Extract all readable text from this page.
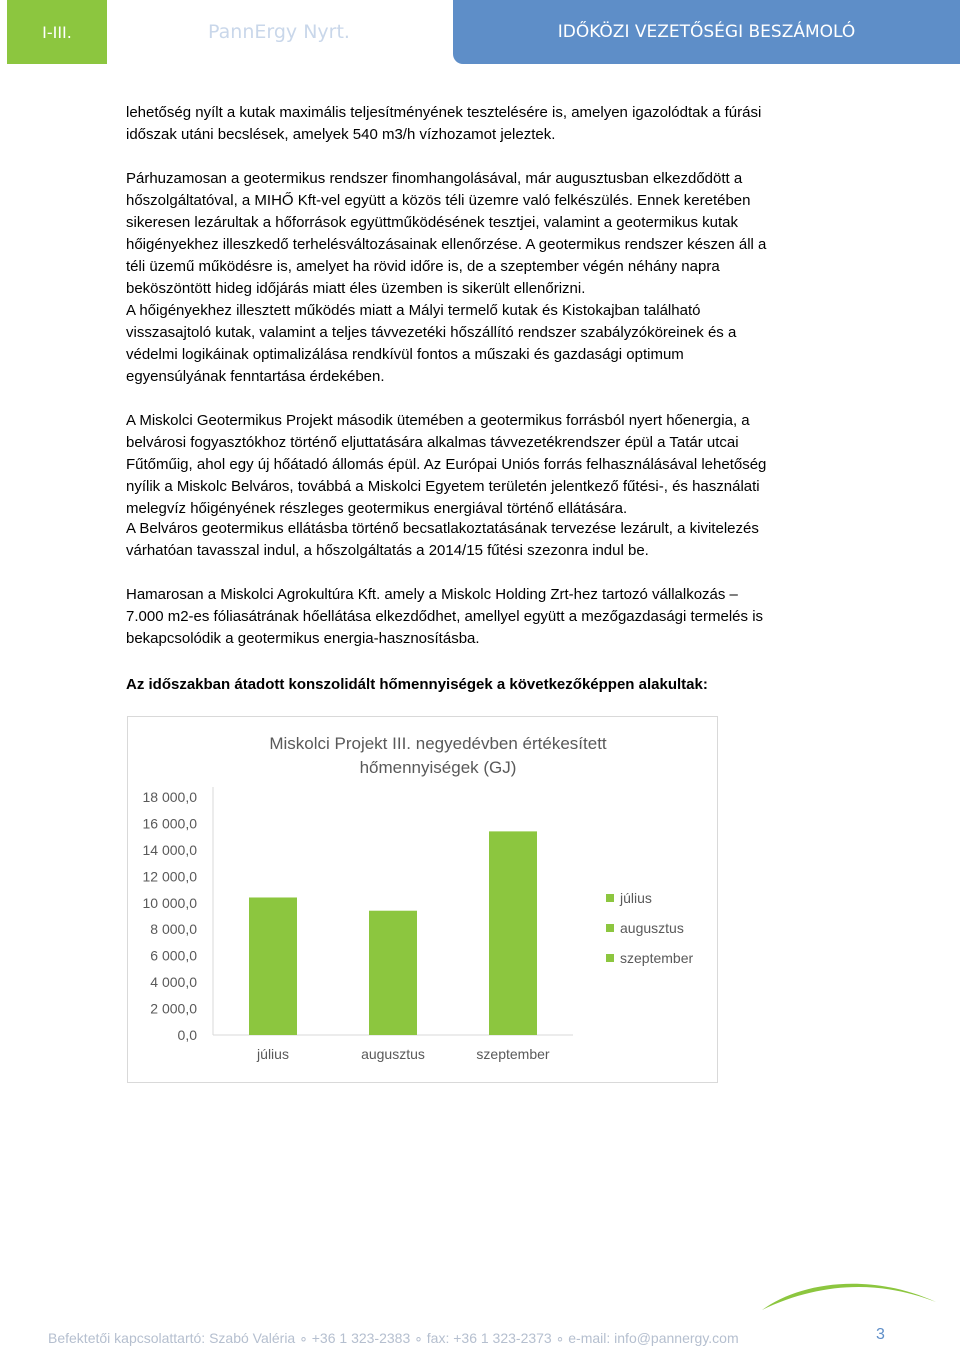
I-III.	PannErgy Nyrt.	IDŐKÖZI VEZETŐSÉGI BESZÁMOLÓ
lehetőség nyílt a kutak maximális teljesítményének tesztelésére is, amelyen igazolódtak a fúrási
időszak utáni becslések, amelyek 540 m3/h vízhozamot jeleztek.
Párhuzamosan a geotermikus rendszer finomhangolásával, már augusztusban elkezdődött a
hőszolgáltatóval, a MIHŐ Kft-vel együtt a közös téli üzemre való felkészülés. Ennek keretében
sikeresen lezárultak a hőforrások együttműködésének tesztjei, valamint a geotermikus kutak
hőigényekhez illeszkedő terhelésváltozásainak ellenőrzése. A geotermikus rendszer készen áll a
téli üzemű működésre is, amelyet ha rövid időre is, de a szeptember végén néhány napra
beköszöntött hideg időjárás miatt éles üzemben is sikerült ellenőrizni.
A hőigényekhez illesztett működés miatt a Mályi termelő kutak és Kistokajban található
visszasajtoló kutak, valamint a teljes távvezetéki hőszállító rendszer szabályzóköreinek és a
védelmi logikáinak optimalizálása rendkívül fontos a műszaki és gazdasági optimum
egyensúlyának fenntartása érdekében.
A Miskolci Geotermikus Projekt második ütemében a geotermikus forrásból nyert hőenergia, a
belvárosi fogyasztókhoz történő eljuttatására alkalmas távvezetékrendszer épül a Tatár utcai
Fűtőműig, ahol egy új hőátadó állomás épül. Az Európai Uniós forrás felhasználásával lehetőség
nyílik a Miskolc Belváros, továbbá a Miskolci Egyetem területén jelentkező fűtési-, és használati
melegvíz hőigényének részleges geotermikus energiával történő ellátására.
A Belváros geotermikus ellátásba történő becsatlakoztatásának tervezése lezárult, a kivitelezés
várhatóan tavasszal indul, a hőszolgáltatás a 2014/15 fűtési szezonra indul be.
Hamarosan a Miskolci Agrokultúra Kft. amely a Miskolc Holding Zrt-hez tartozó vállalkozás –
7.000 m2-es fóliasátrának hőellátása elkezdődhet, amellyel együtt a mezőgazdasági termelés is
bekapcsolódik a geotermikus energia-hasznosításba.
Az időszakban átadott konszolidált hőmennyiségek a következőképpen alakultak:
Miskolci Projekt III. negyedévben értékesített
hőmennyiségek (GJ)
0,0
2 000,0
4 000,0
6 000,0
8 000,0
10 000,0
12 000,0
14 000,0
16 000,0
18 000,0
július	augusztus	szeptember
július
augusztus
szeptember
Befektetői kapcsolattartó: Szabó Valéria ∘ +36 1 323-2383 ∘ fax: +36 1 323-2373 ∘ e-mail: info@pannergy.com	3
